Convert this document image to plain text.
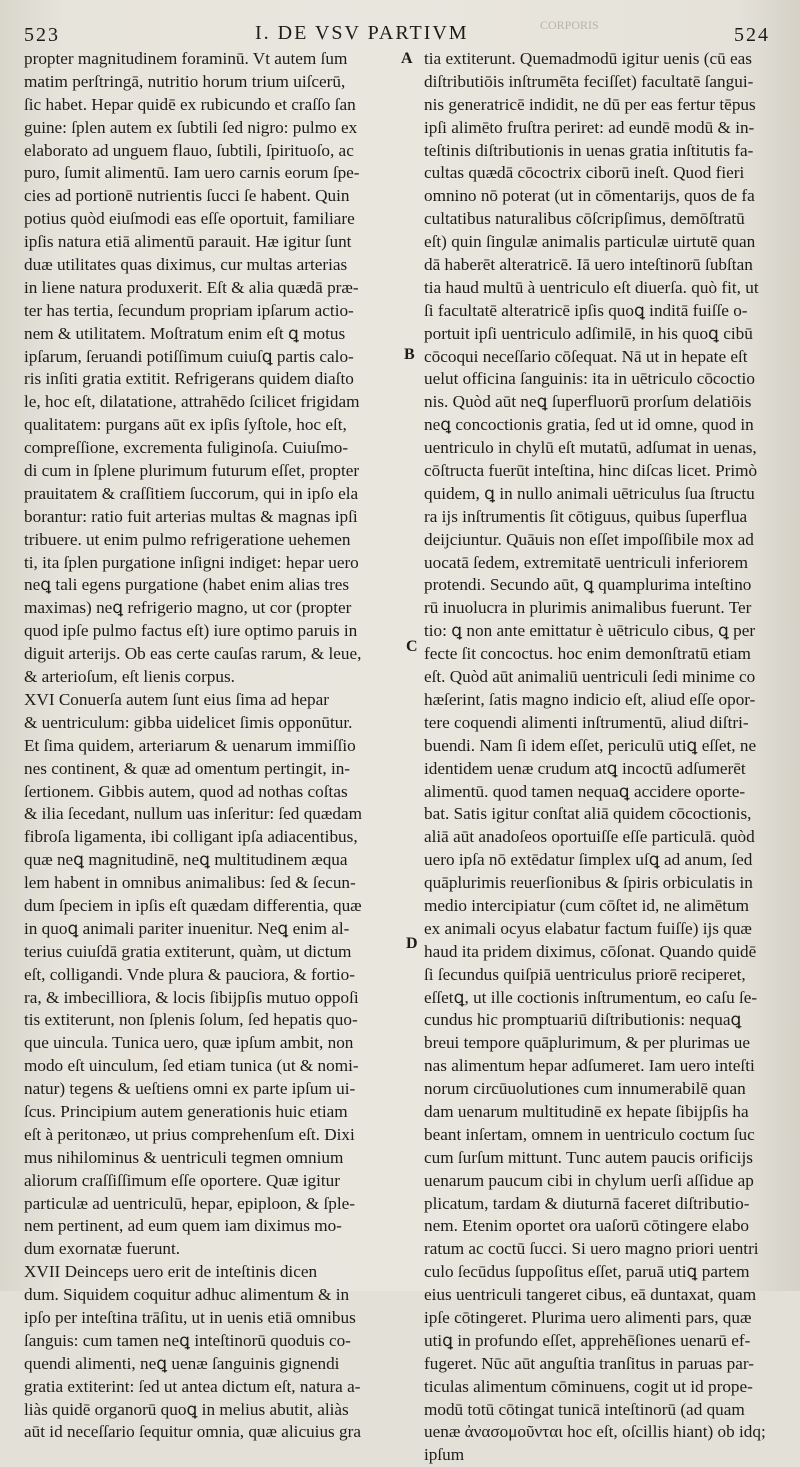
523	I. DE VSV PARTIVM	CORPORIS	524
propter magnitudinem foraminū. Vt autem ſum
matim perſtringā, nutritio horum trium uiſcerū,
ſic habet. Hepar quidē ex rubicundo et craſſo ſan
guine: ſplen autem ex ſubtili ſed nigro: pulmo ex
elaborato ad unguem flauo, ſubtili, ſpirituoſo, ac
puro, ſumit alimentū. Iam uero carnis eorum ſpe-
cies ad portionē nutrientis ſucci ſe habent. Quin
potius quòd eiuſmodi eas eſſe oportuit, familiare
ipſis natura etiā alimentū parauit. Hæ igitur ſunt
duæ utilitates quas diximus, cur multas arterias
in liene natura produxerit. Eſt & alia quædā præ-
ter has tertia, ſecundum propriam ipſarum actio-
nem & utilitatem. Moſtratum enim eſt ꝗ motus
ipſarum, ſeruandi potiſſimum cuiuſꝗ partis calo-
ris inſiti gratia extitit. Refrigerans quidem diaſto
le, hoc eſt, dilatatione, attrahēdo ſcilicet frigidam
qualitatem: purgans aūt ex ipſis ſyſtole, hoc eſt,
compreſſione, excrementa fuliginoſa. Cuiuſmo-
di cum in ſplene plurimum futurum eſſet, propter
prauitatem & craſſitiem ſuccorum, qui in ipſo ela
borantur: ratio fuit arterias multas & magnas ipſi
tribuere. ut enim pulmo refrigeratione uehemen
ti, ita ſplen purgatione inſigni indiget: hepar uero
neꝗ tali egens purgatione (habet enim alias tres
maximas) neꝗ refrigerio magno, ut cor (propter
quod ipſe pulmo factus eſt) iure optimo paruis in
diguit arterijs. Ob eas certe cauſas rarum, & leue,
& arterioſum, eſt lienis corpus.
XVI Conuerſa autem ſunt eius ſima ad hepar
& uentriculum: gibba uidelicet ſimis opponūtur.
Et ſima quidem, arteriarum & uenarum immiſſio
nes continent, & quæ ad omentum pertingit, in-
ſertionem. Gibbis autem, quod ad nothas coſtas
& ilia ſecedant, nullum uas inſeritur: ſed quædam
fibroſa ligamenta, ibi colligant ipſa adiacentibus,
quæ neꝗ magnitudinē, neꝗ multitudinem æqua
lem habent in omnibus animalibus: ſed & ſecun-
dum ſpeciem in ipſis eſt quædam differentia, quæ
in quoꝗ animali pariter inuenitur. Neꝗ enim al-
terius cuiuſdā gratia extiterunt, quàm, ut dictum
eſt, colligandi. Vnde plura & pauciora, & fortio-
ra, & imbecilliora, & locis ſibijpſis mutuo oppoſi
tis extiterunt, non ſplenis ſolum, ſed hepatis quo-
que uincula. Tunica uero, quæ ipſum ambit, non
modo eſt uinculum, ſed etiam tunica (ut & nomi-
natur) tegens & ueſtiens omni ex parte ipſum ui-
ſcus. Principium autem generationis huic etiam
eſt à peritonæo, ut prius comprehenſum eſt. Dixi
mus nihilominus & uentriculi tegmen omnium
aliorum craſſiſſimum eſſe oportere. Quæ igitur
particulæ ad uentriculū, hepar, epiploon, & ſple-
nem pertinent, ad eum quem iam diximus mo-
dum exornatæ fuerunt.
XVII Deinceps uero erit de inteſtinis dicen
dum. Siquidem coquitur adhuc alimentum & in
ipſo per inteſtina trāſitu, ut in uenis etiā omnibus
ſanguis: cum tamen neꝗ inteſtinorū quoduis co-
quendi alimenti, neꝗ uenæ ſanguinis gignendi
gratia extiterint: ſed ut antea dictum eſt, natura a-
liàs quidē organorū quoꝗ in melius abutit, aliàs
aūt id neceſſario ſequitur omnia, quæ alicuius gra
A
B
C
D
tia extiterunt. Quemadmodū igitur uenis (cū eas
diſtributiōis inſtrumēta feciſſet) facultatē ſangui-
nis generatricē indidit, ne dū per eas fertur tēpus
ipſi alimēto fruſtra periret: ad eundē modū & in-
teſtinis diſtributionis in uenas gratia inſtitutis fa-
cultas quædā cōcoctrix ciborū ineſt. Quod fieri
omnino nō poterat (ut in cōmentarijs, quos de fa
cultatibus naturalibus cōſcripſimus, demōſtratū
eſt) quin ſingulæ animalis particulæ uirtutē quan
dā haberēt alteratricē. Iā uero inteſtinorū ſubſtan
tia haud multū à uentriculo eſt diuerſa. quò fit, ut
ſi facultatē alteratricē ipſis quoꝗ inditā fuiſſe o-
portuit ipſi uentriculo adſimilē, in his quoꝗ cibū
cōcoqui neceſſario cōſequat. Nā ut in hepate eſt
uelut officina ſanguinis: ita in uētriculo cōcoctio
nis. Quòd aūt neꝗ ſuperfluorū prorſum delatiōis
neꝗ concoctionis gratia, ſed ut id omne, quod in
uentriculo in chylū eſt mutatū, adſumat in uenas,
cōſtructa fuerūt inteſtina, hinc diſcas licet. Primò
quidem, ꝗ in nullo animali uētriculus ſua ſtructu
ra ijs inſtrumentis ſit cōtiguus, quibus ſuperflua
deijciuntur. Quāuis non eſſet impoſſibile mox ad
uocatā ſedem, extremitatē uentriculi inferiorem
protendi. Secundo aūt, ꝗ quamplurima inteſtino
rū inuolucra in plurimis animalibus fuerunt. Ter
tio: ꝗ non ante emittatur è uētriculo cibus, ꝗ per
fecte ſit concoctus. hoc enim demonſtratū etiam
eſt. Quòd aūt animaliū uentriculi ſedi minime co
hæſerint, ſatis magno indicio eſt, aliud eſſe opor-
tere coquendi alimenti inſtrumentū, aliud diſtri-
buendi. Nam ſi idem eſſet, periculū utiꝗ eſſet, ne
identidem uenæ crudum atꝗ incoctū adſumerēt
alimentū. quod tamen nequaꝗ accidere oporte-
bat. Satis igitur conſtat aliā quidem cōcoctionis,
aliā aūt anadoſeos oportuiſſe eſſe particulā. quòd
uero ipſa nō extēdatur ſimplex uſꝗ ad anum, ſed
quāplurimis reuerſionibus & ſpiris orbiculatis in
medio intercipiatur (cum cōſtet id, ne alimētum
ex animali ocyus elabatur factum fuiſſe) ijs quæ
haud ita pridem diximus, cōſonat. Quando quidē
ſi ſecundus quiſpiā uentriculus priorē reciperet,
eſſetꝗ, ut ille coctionis inſtrumentum, eo caſu ſe-
cundus hic promptuariū diſtributionis: nequaꝗ
breui tempore quāplurimum, & per plurimas ue
nas alimentum hepar adſumeret. Iam uero inteſti
norum circūuolutiones cum innumerabilē quan
dam uenarum multitudinē ex hepate ſibijpſis ha
beant inſertam, omnem in uentriculo coctum ſuc
cum ſurſum mittunt. Tunc autem paucis orificijs
uenarum paucum cibi in chylum uerſi aſſidue ap
plicatum, tardam & diuturnā faceret diſtributio-
nem. Etenim oportet ora uaſorū cōtingere elabo
ratum ac coctū ſucci. Si uero magno priori uentri
culo ſecūdus ſuppoſitus eſſet, paruā utiꝗ partem
eius uentriculi tangeret cibus, eā duntaxat, quam
ipſe cōtingeret. Plurima uero alimenti pars, quæ
utiꝗ in profundo eſſet, apprehēſiones uenarū ef-
fugeret. Nūc aūt anguſtia tranſitus in paruas par-
ticulas alimentum cōminuens, cogit ut id prope-
modū totū cōtingat tunicā inteſtinorū (ad quam
uenæ ἀνασομοῦνται hoc eſt, oſcillis hiant) ob idq;
ipſum
